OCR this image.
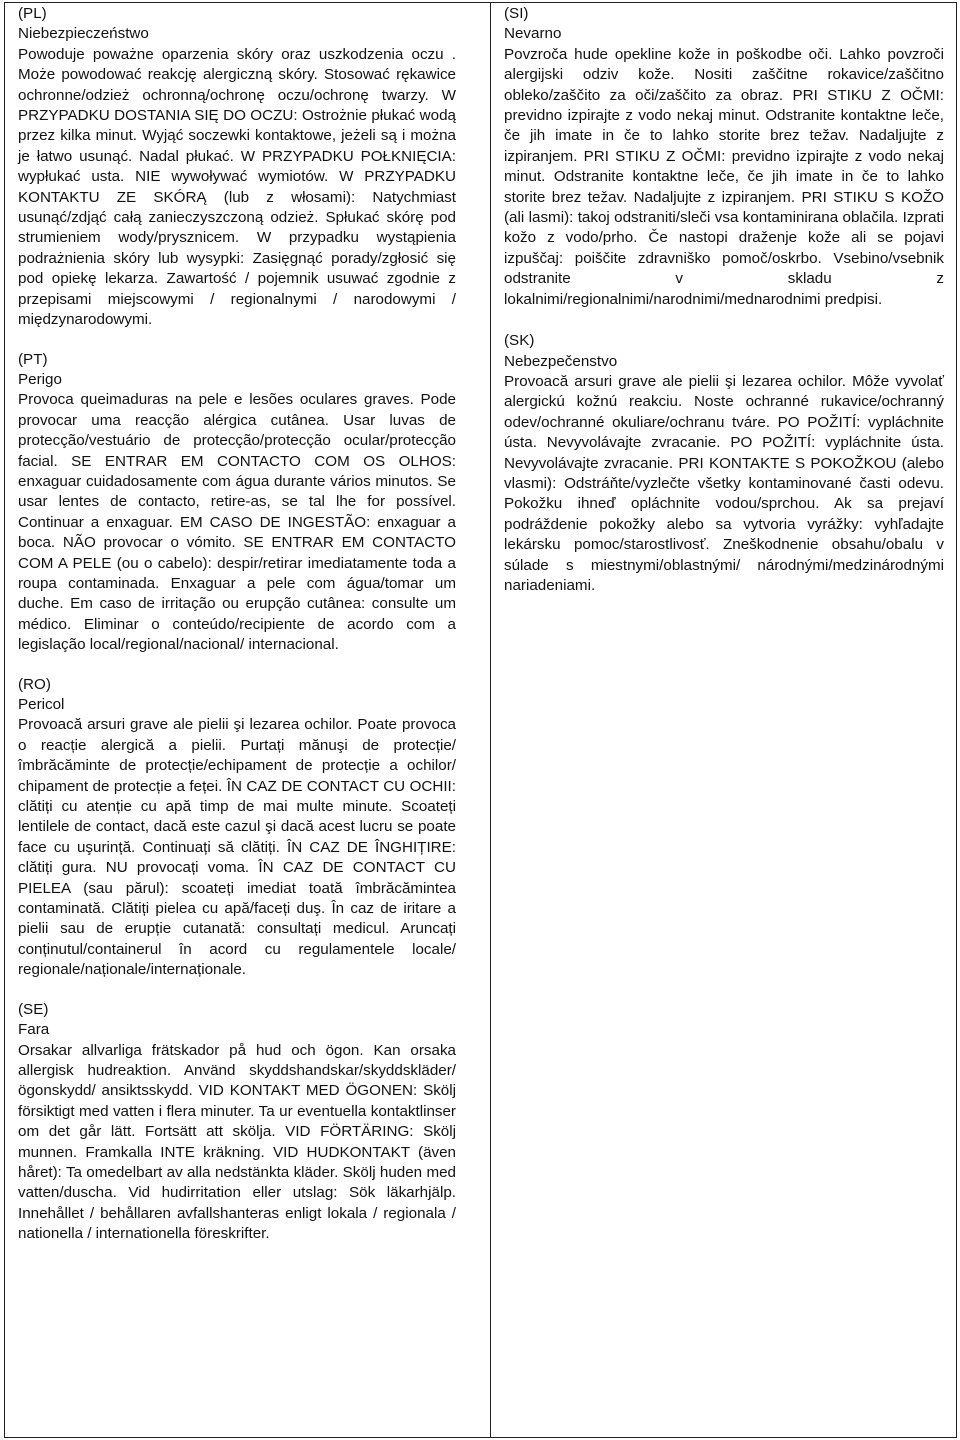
(PL)

Niebezpieczeństwo

Powoduje poważne oparzenia skóry oraz uszkodzenia oczu . Może powodować reakcję alergiczną skóry. Stosować rękawice ochronne/odzież ochronną/ochronę oczu/ochronę twarzy. W PRZYPADKU DOSTANIA SIĘ DO OCZU: Ostrożnie płukać wodą przez kilka minut. Wyjąć soczewki kontaktowe, jeżeli są i można je łatwo usunąć. Nadal płukać. W PRZYPADKU POŁKNIĘCIA: wypłukać usta. NIE wywoływać wymiotów. W PRZYPADKU KONTAKTU ZE SKÓRĄ (lub z włosami): Natychmiast usunąć/zdjąć całą zanieczyszczoną odzież. Spłukać skórę pod strumieniem wody/prysznicem. W przypadku wystąpienia podrażnienia skóry lub wysypki: Zasięgnąć porady/zgłosić się pod opiekę lekarza. Zawartość / pojemnik usuwać zgodnie z przepisami miejscowymi / regionalnymi / narodowymi / międzynarodowymi.

(PT)

Perigo

Provoca queimaduras na pele e lesões oculares graves. Pode provocar uma reacção alérgica cutânea. Usar luvas de protecção/vestuário de protecção/protecção ocular/protecção facial. SE ENTRAR EM CONTACTO COM OS OLHOS: enxaguar cuidadosamente com água durante vários minutos. Se usar lentes de contacto, retire-as, se tal lhe for possível. Continuar a enxaguar. EM CASO DE INGESTÃO: enxaguar a boca. NÃO provocar o vómito. SE ENTRAR EM CONTACTO COM A PELE (ou o cabelo): despir/retirar imediatamente toda a roupa contaminada. Enxaguar a pele com água/tomar um duche. Em caso de irritação ou erupção cutânea: consulte um médico. Eliminar o conteúdo/recipiente de acordo com a legislação local/regional/nacional/ internacional.

(RO)

Pericol

Provoacă arsuri grave ale pielii şi lezarea ochilor. Poate provoca o reacție alergică a pielii. Purtați mănuşi de protecție/îmbrăcăminte de protecție/echipament de protecție a ochilor/ chipament de protecție a feței. ÎN CAZ DE CONTACT CU OCHII: clătiți cu atenție cu apă timp de mai multe minute. Scoateți lentilele de contact, dacă este cazul şi dacă acest lucru se poate face cu uşurință. Continuați să clătiți. ÎN CAZ DE ÎNGHIȚIRE: clătiți gura. NU provocați voma. ÎN CAZ DE CONTACT CU PIELEA (sau părul): scoateți imediat toată îmbrăcămintea contaminată. Clătiți pielea cu apă/faceți duş. În caz de iritare a pielii sau de erupție cutanată: consultați medicul. Aruncați conținutul/containerul în acord cu regulamentele locale/ regionale/naționale/internaționale.

(SE)

Fara

Orsakar allvarliga frätskador på hud och ögon. Kan orsaka allergisk hudreaktion. Använd skyddshandskar/skyddskläder/ögonskydd/ ansiktsskydd. VID KONTAKT MED ÖGONEN: Skölj försiktigt med vatten i flera minuter. Ta ur eventuella kontaktlinser om det går lätt. Fortsätt att skölja. VID FÖRTÄRING: Skölj munnen. Framkalla INTE kräkning. VID HUDKONTAKT (även håret): Ta omedelbart av alla nedstänkta kläder. Skölj huden med vatten/duscha. Vid hudirritation eller utslag: Sök läkarhjälp. Innehållet / behållaren avfallshanteras enligt lokala / regionala / nationella / internationella föreskrifter.

(SI)

Nevarno

Povzroča hude opekline kože in poškodbe oči. Lahko povzroči alergijski odziv kože. Nositi zaščitne rokavice/zaščitno obleko/zaščito za oči/zaščito za obraz. PRI STIKU Z OČMI: previdno izpirajte z vodo nekaj minut. Odstranite kontaktne leče, če jih imate in če to lahko storite brez težav. Nadaljujte z izpiranjem. PRI STIKU Z OČMI: previdno izpirajte z vodo nekaj minut. Odstranite kontaktne leče, če jih imate in če to lahko storite brez težav. Nadaljujte z izpiranjem. PRI STIKU S KOŽO (ali lasmi): takoj odstraniti/sleči vsa kontaminirana oblačila. Izprati kožo z vodo/prho. Če nastopi draženje kože ali se pojavi izpuščaj: poiščite zdravniško pomoč/oskrbo. Vsebino/vsebnik odstranite v skladu z lokalnimi/regionalnimi/narodnimi/mednarodnimi predpisi.

(SK)

Nebezpečenstvo

Provoacă arsuri grave ale pielii şi lezarea ochilor. Môže vyvolať alergickú kožnú reakciu. Noste ochranné rukavice/ochranný odev/ochranné okuliare/ochranu tváre. PO POŽITÍ: vypláchnite ústa. Nevyvolávajte zvracanie. PO POŽITÍ: vypláchnite ústa. Nevyvolávajte zvracanie. PRI KONTAKTE S POKOŽKOU (alebo vlasmi): Odstráňte/vyzlečte všetky kontaminované časti odevu. Pokožku ihneď opláchnite vodou/sprchou. Ak sa prejaví podráždenie pokožky alebo sa vytvoria vyrážky: vyhľadajte lekársku pomoc/starostlivosť. Zneškodnenie obsahu/obalu v súlade s miestnymi/oblastnými/ národnými/medzinárodnými nariadeniami.
